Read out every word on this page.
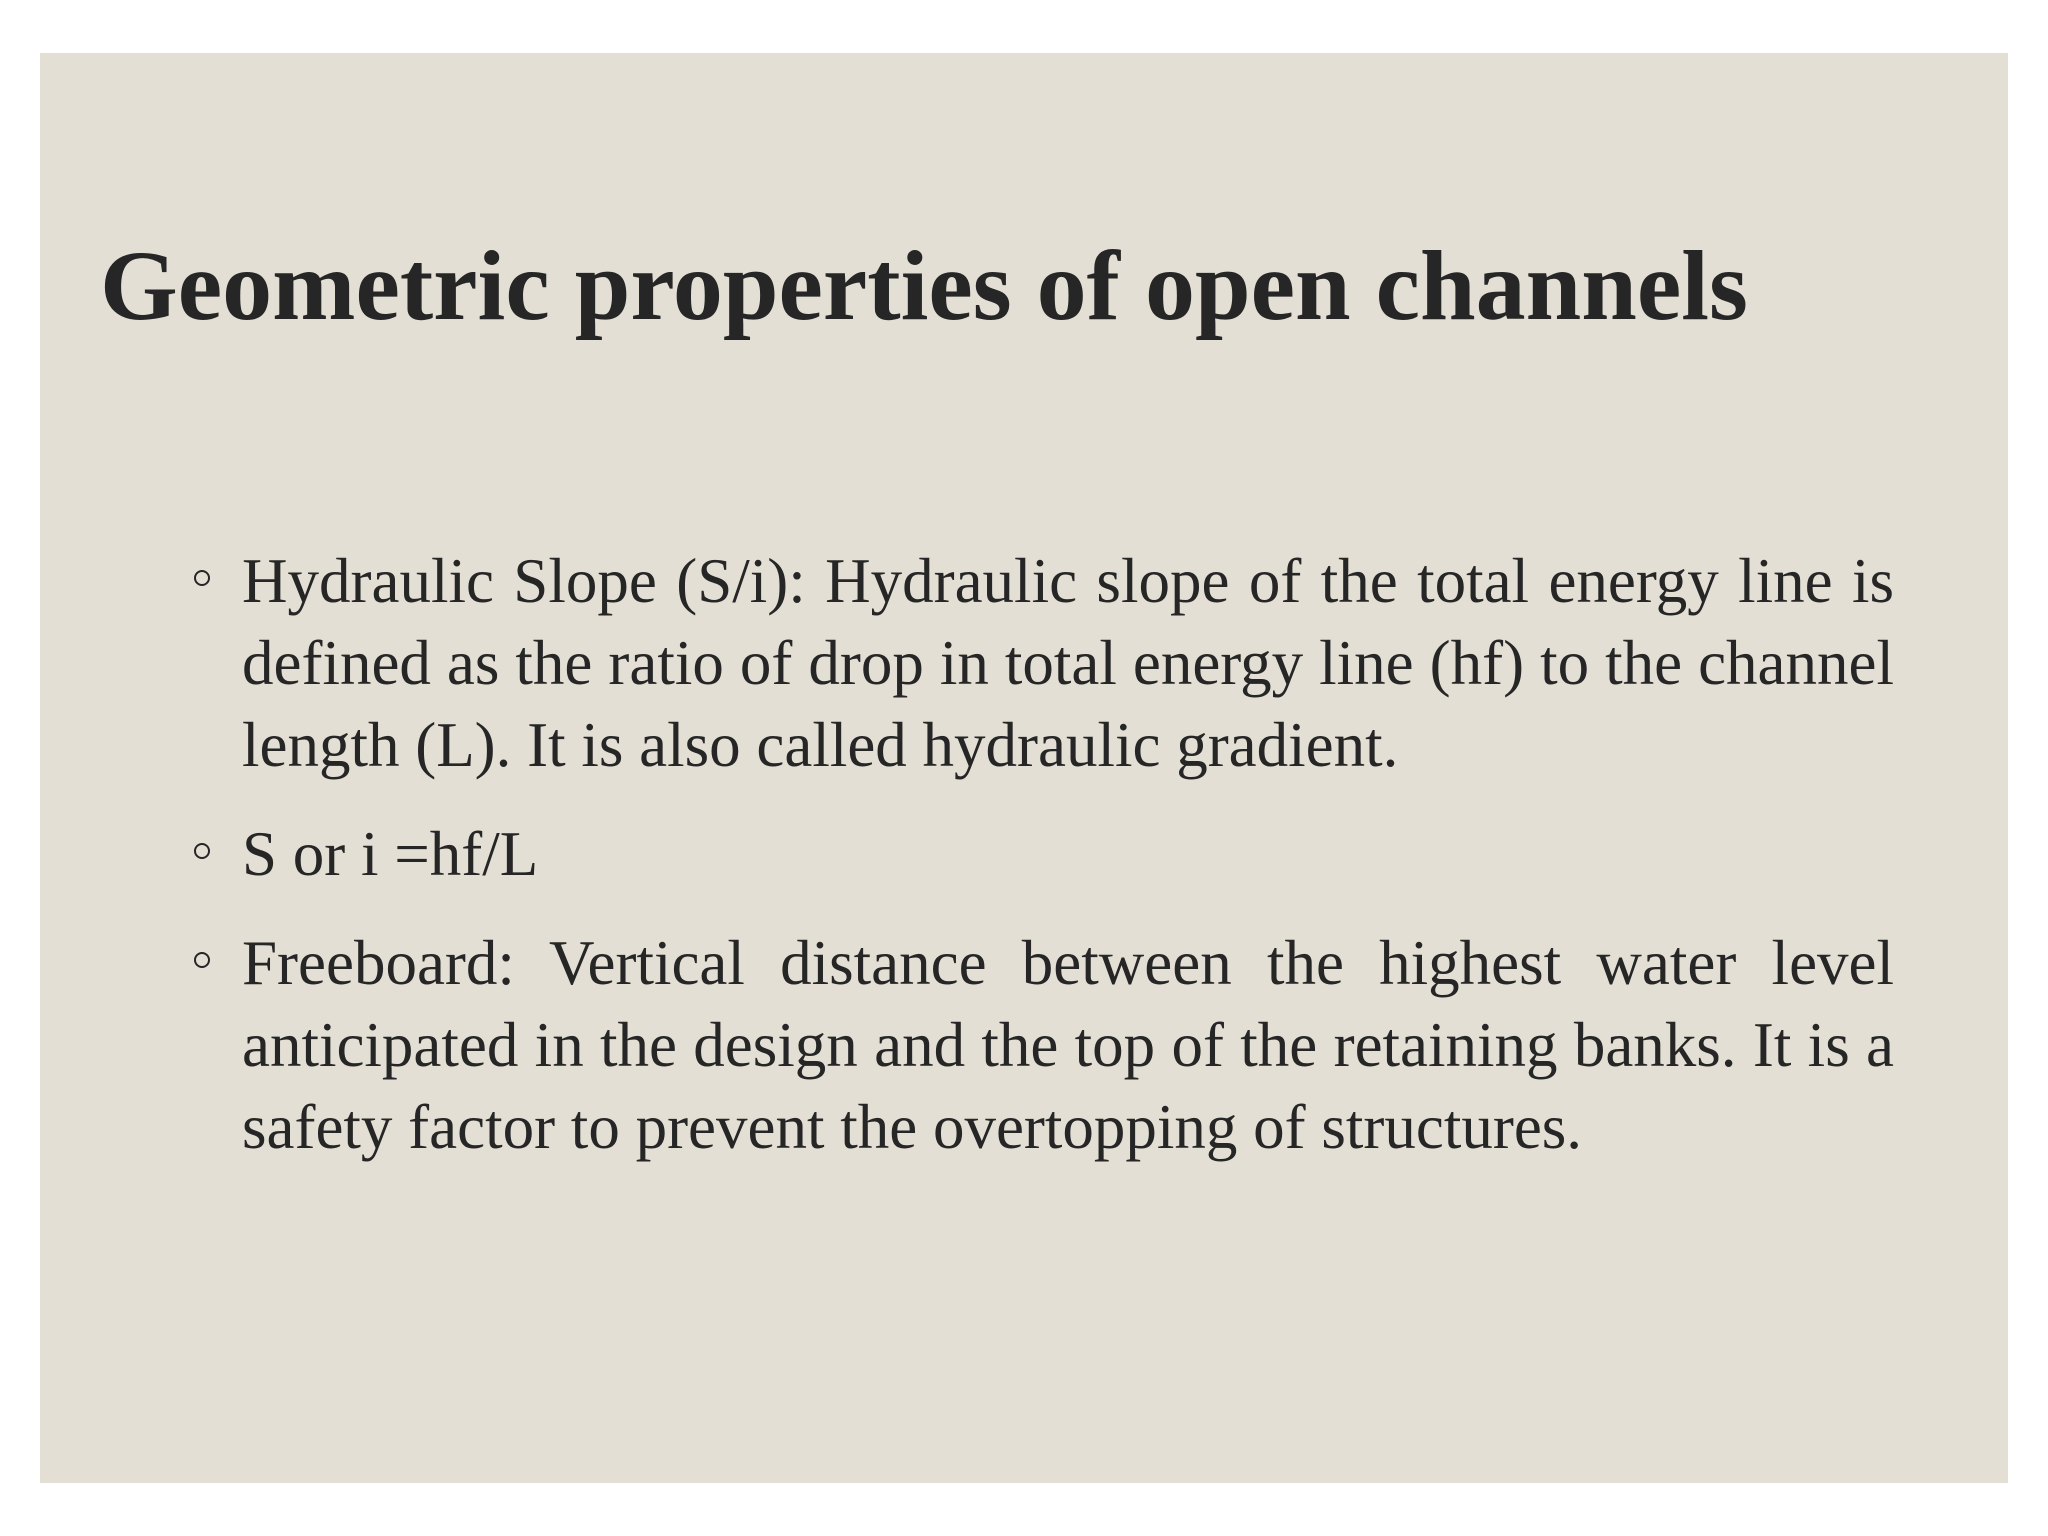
Geometric properties of open channels
Hydraulic Slope (S/i): Hydraulic slope of the total energy line is defined as the ratio of drop in total energy line (hf) to the channel length (L). It is also called hydraulic gradient.
S or i =hf/L
Freeboard: Vertical distance between the highest water level anticipated in the design and the top of the retaining banks. It is a safety factor to prevent the overtopping of structures.
